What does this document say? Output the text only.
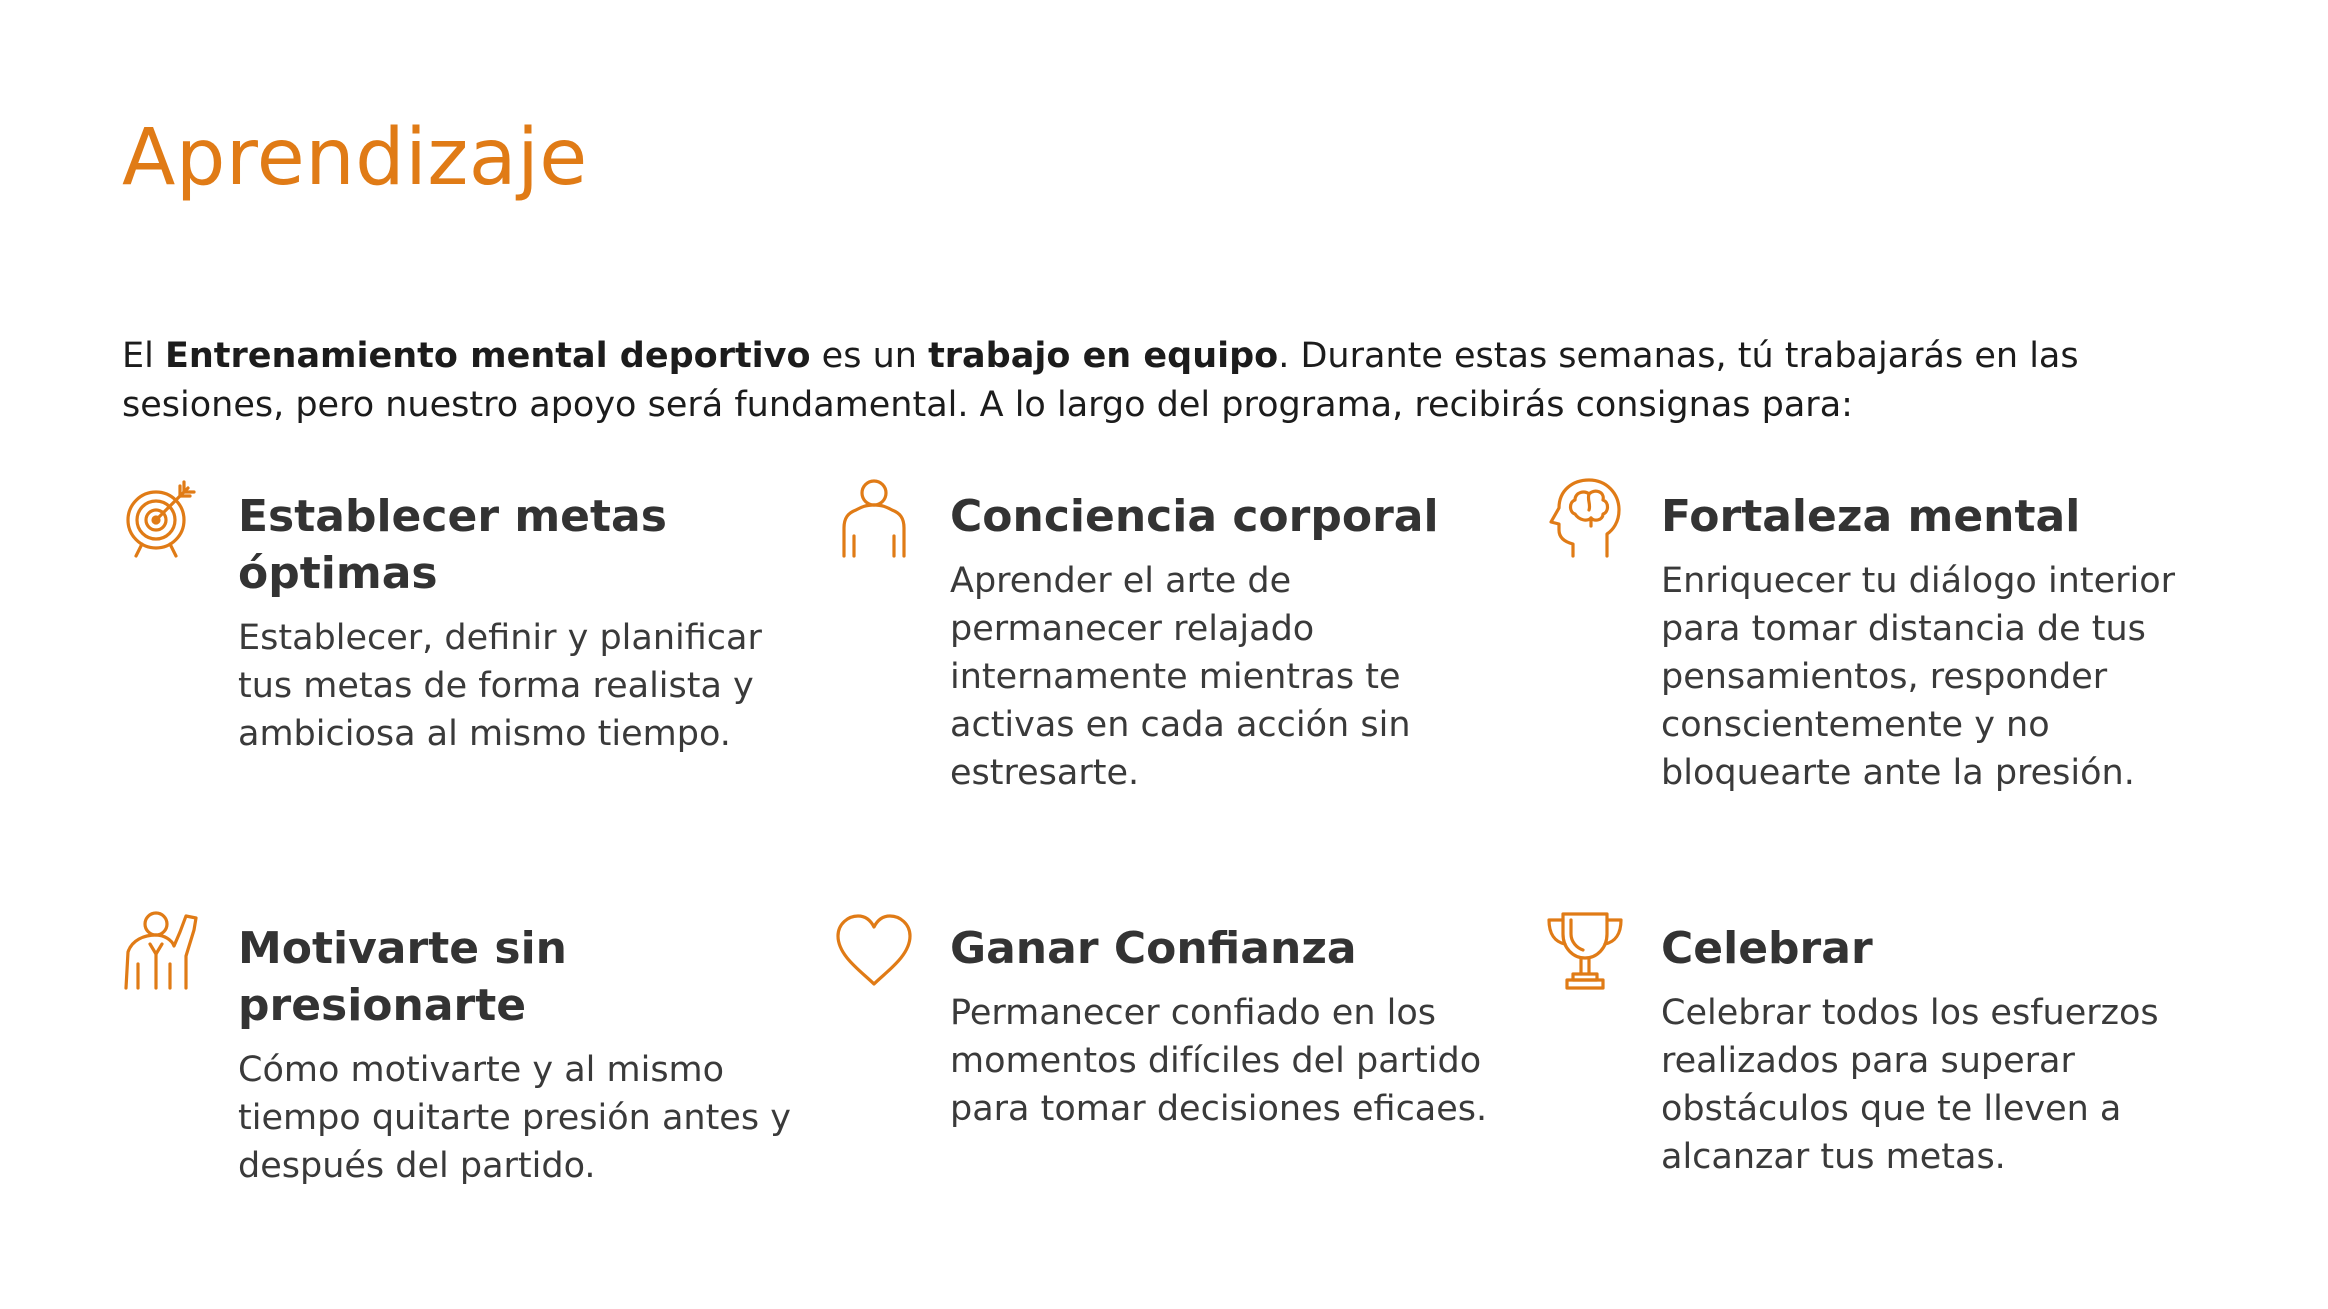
Aprendizaje

El Entrenamiento mental deportivo es un trabajo en equipo. Durante estas semanas, tú trabajarás en las sesiones, pero nuestro apoyo será fundamental. A lo largo del programa, recibirás consignas para:

Establecer metas óptimas

Establecer, definir y planificar tus metas de forma realista y ambiciosa al mismo tiempo.

Conciencia corporal

Aprender el arte de permanecer relajado internamente mientras te activas en cada acción sin estresarte.

Fortaleza mental

Enriquecer tu diálogo interior para tomar distancia de tus pensamientos, responder conscientemente y no bloquearte ante la presión.

Motivarte sin presionarte

Cómo motivarte y al mismo tiempo quitarte presión antes y después del partido.

Ganar Confianza

Permanecer confiado en los momentos difíciles del partido para tomar decisiones eficaes.

Celebrar

Celebrar todos los esfuerzos realizados para superar obstáculos que te lleven a alcanzar tus metas.
